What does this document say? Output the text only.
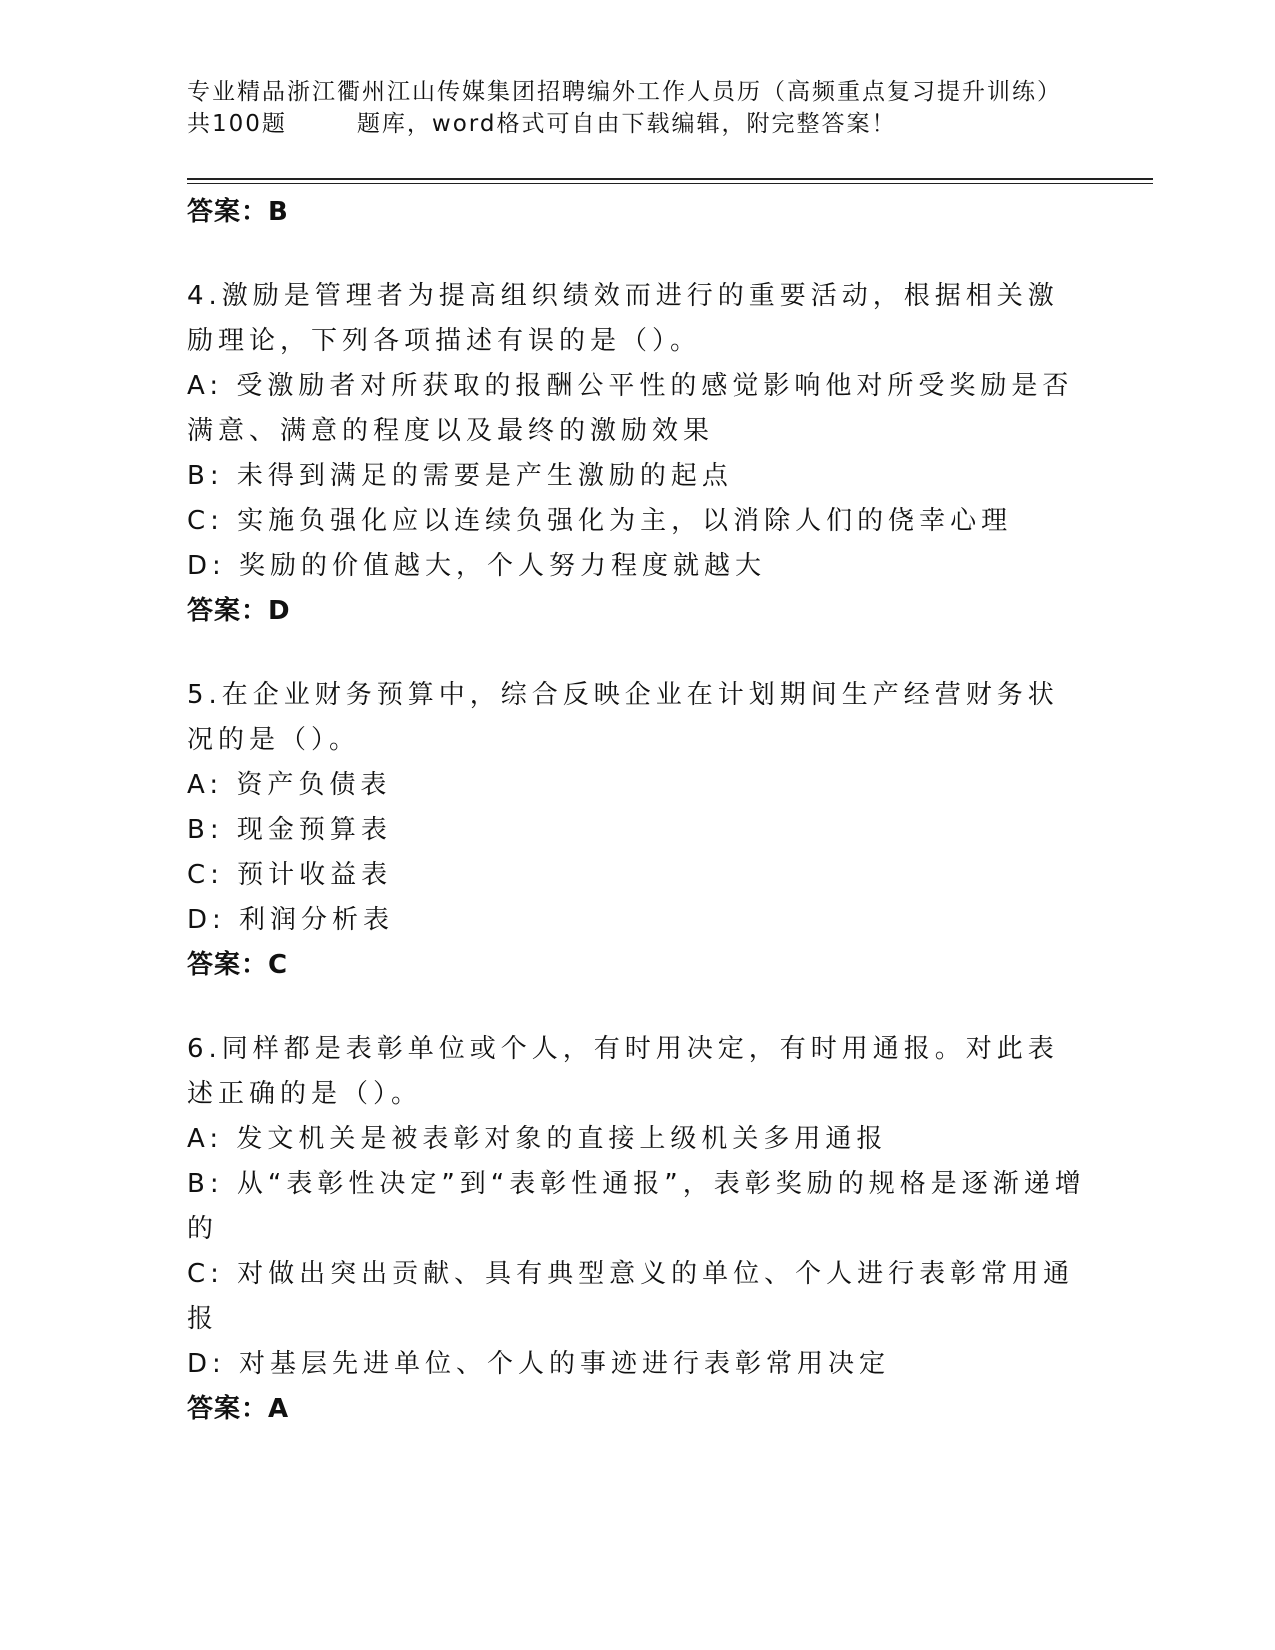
专业精品浙江衢州江山传媒集团招聘编外工作人员历（高频重点复习提升训练）
共100题	题库，word格式可自由下载编辑，附完整答案！
答案：B
4.激励是管理者为提高组织绩效而进行的重要活动，根据相关激励理论，下列各项描述有误的是（）。
A: 受激励者对所获取的报酬公平性的感觉影响他对所受奖励是否满意、满意的程度以及最终的激励效果
B: 未得到满足的需要是产生激励的起点
C: 实施负强化应以连续负强化为主，以消除人们的侥幸心理
D: 奖励的价值越大，个人努力程度就越大
答案：D
5.在企业财务预算中，综合反映企业在计划期间生产经营财务状况的是（）。
A: 资产负债表
B: 现金预算表
C: 预计收益表
D: 利润分析表
答案：C
6.同样都是表彰单位或个人，有时用决定，有时用通报。对此表述正确的是（）。
A: 发文机关是被表彰对象的直接上级机关多用通报
B: 从“表彰性决定”到“表彰性通报”，表彰奖励的规格是逐渐递增的
C: 对做出突出贡献、具有典型意义的单位、个人进行表彰常用通报
D: 对基层先进单位、个人的事迹进行表彰常用决定
答案：A
